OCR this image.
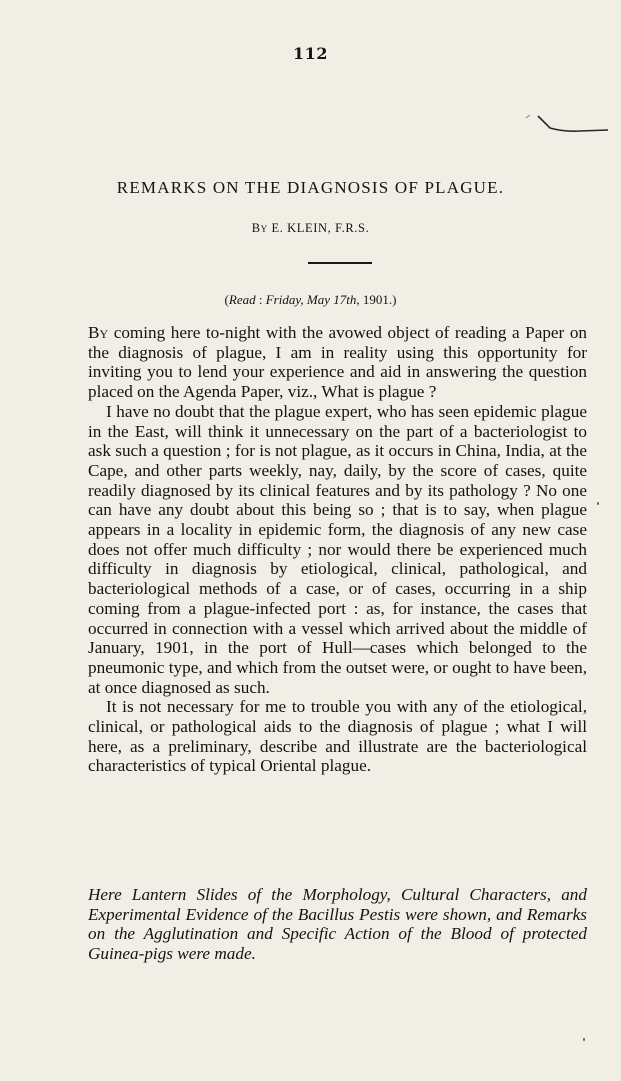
112
REMARKS ON THE DIAGNOSIS OF PLAGUE.
By E. KLEIN, F.R.S.
(Read : Friday, May 17th, 1901.)

By coming here to-night with the avowed object of reading a Paper on the diagnosis of plague, I am in reality using this opportunity for inviting you to lend your experience and aid in answering the question placed on the Agenda Paper, viz., What is plague ?

I have no doubt that the plague expert, who has seen epidemic plague in the East, will think it unnecessary on the part of a bacteriologist to ask such a question ; for is not plague, as it occurs in China, India, at the Cape, and other parts weekly, nay, daily, by the score of cases, quite readily diagnosed by its clinical features and by its pathology ? No one can have any doubt about this being so ; that is to say, when plague appears in a locality in epidemic form, the diagnosis of any new case does not offer much difficulty ; nor would there be experienced much difficulty in diagnosis by etiological, clinical, pathological, and bacteriological methods of a case, or of cases, occurring in a ship coming from a plague-infected port : as, for instance, the cases that occurred in connection with a vessel which arrived about the middle of January, 1901, in the port of Hull—cases which belonged to the pneumonic type, and which from the outset were, or ought to have been, at once diagnosed as such.

It is not necessary for me to trouble you with any of the etiological, clinical, or pathological aids to the diagnosis of plague ; what I will here, as a preliminary, describe and illustrate are the bacteriological characteristics of typical Oriental plague.

Here Lantern Slides of the Morphology, Cultural Characters, and Experimental Evidence of the Bacillus Pestis were shown, and Remarks on the Agglutination and Specific Action of the Blood of protected Guinea-pigs were made.
